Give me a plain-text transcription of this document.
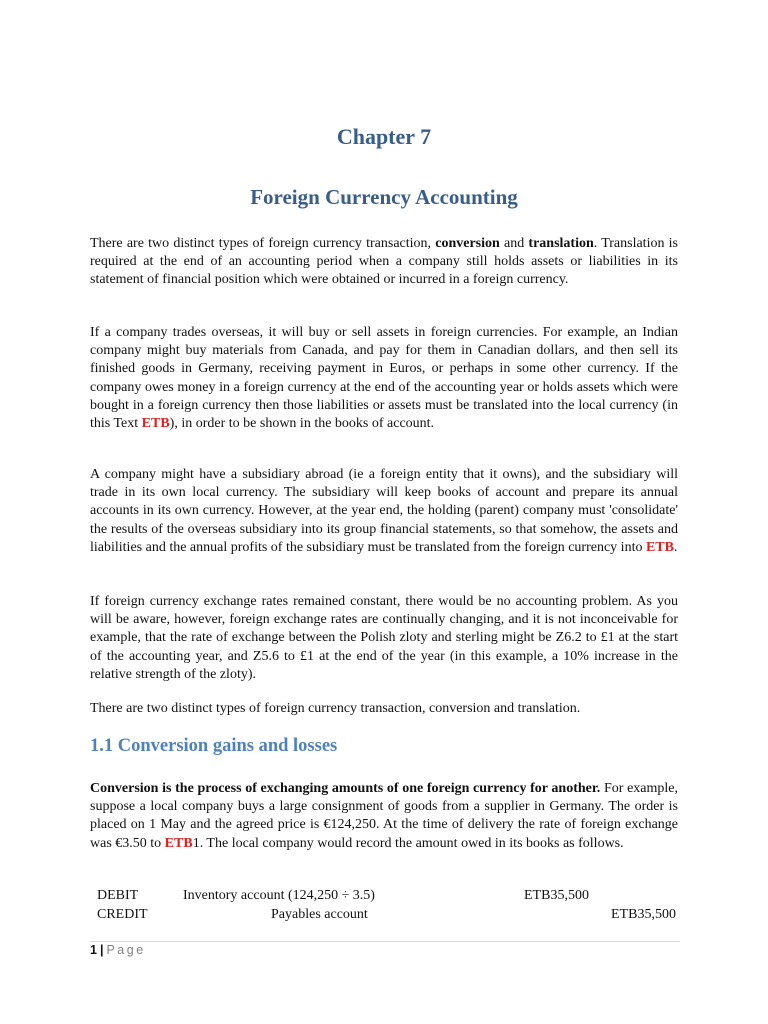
Chapter 7
Foreign Currency Accounting

There are two distinct types of foreign currency transaction, conversion and translation. Translation is required at the end of an accounting period when a company still holds assets or liabilities in its statement of financial position which were obtained or incurred in a foreign currency.

If a company trades overseas, it will buy or sell assets in foreign currencies. For example, an Indian company might buy materials from Canada, and pay for them in Canadian dollars, and then sell its finished goods in Germany, receiving payment in Euros, or perhaps in some other currency. If the company owes money in a foreign currency at the end of the accounting year or holds assets which were bought in a foreign currency then those liabilities or assets must be translated into the local currency (in this Text ETB), in order to be shown in the books of account.

A company might have a subsidiary abroad (ie a foreign entity that it owns), and the subsidiary will trade in its own local currency. The subsidiary will keep books of account and prepare its annual accounts in its own currency. However, at the year end, the holding (parent) company must 'consolidate' the results of the overseas subsidiary into its group financial statements, so that somehow, the assets and liabilities and the annual profits of the subsidiary must be translated from the foreign currency into ETB.

If foreign currency exchange rates remained constant, there would be no accounting problem. As you will be aware, however, foreign exchange rates are continually changing, and it is not inconceivable for example, that the rate of exchange between the Polish zloty and sterling might be Z6.2 to £1 at the start of the accounting year, and Z5.6 to £1 at the end of the year (in this example, a 10% increase in the relative strength of the zloty).

There are two distinct types of foreign currency transaction, conversion and translation.

1.1 Conversion gains and losses

Conversion is the process of exchanging amounts of one foreign currency for another. For example, suppose a local company buys a large consignment of goods from a supplier in Germany. The order is placed on 1 May and the agreed price is €124,250. At the time of delivery the rate of foreign exchange was €3.50 to ETB1. The local company would record the amount owed in its books as follows.

DEBIT	Inventory account (124,250 ÷ 3.5)	ETB35,500
CREDIT	Payables account	ETB35,500
1 | Page
